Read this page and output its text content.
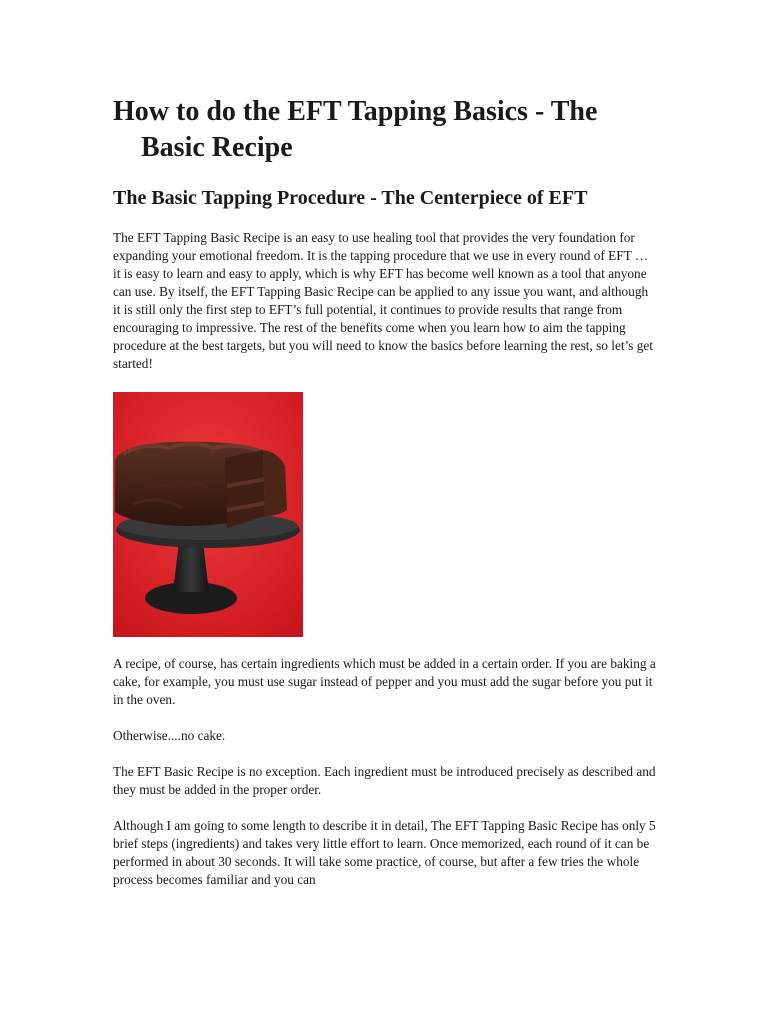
How to do the EFT Tapping Basics - The Basic Recipe
The Basic Tapping Procedure - The Centerpiece of EFT

The EFT Tapping Basic Recipe is an easy to use healing tool that provides the very foundation for expanding your emotional freedom. It is the tapping procedure that we use in every round of EFT … it is easy to learn and easy to apply, which is why EFT has become well known as a tool that anyone can use. By itself, the EFT Tapping Basic Recipe can be applied to any issue you want, and although it is still only the first step to EFT’s full potential, it continues to provide results that range from encouraging to impressive. The rest of the benefits come when you learn how to aim the tapping procedure at the best targets, but you will need to know the basics before learning the rest, so let’s get started!

A recipe, of course, has certain ingredients which must be added in a certain order. If you are baking a cake, for example, you must use sugar instead of pepper and you must add the sugar before you put it in the oven.

Otherwise....no cake.

The EFT Basic Recipe is no exception. Each ingredient must be introduced precisely as described and they must be added in the proper order.

Although I am going to some length to describe it in detail, The EFT Tapping Basic Recipe has only 5 brief steps (ingredients) and takes very little effort to learn. Once memorized, each round of it can be performed in about 30 seconds. It will take some practice, of course, but after a few tries the whole process becomes familiar and you can
